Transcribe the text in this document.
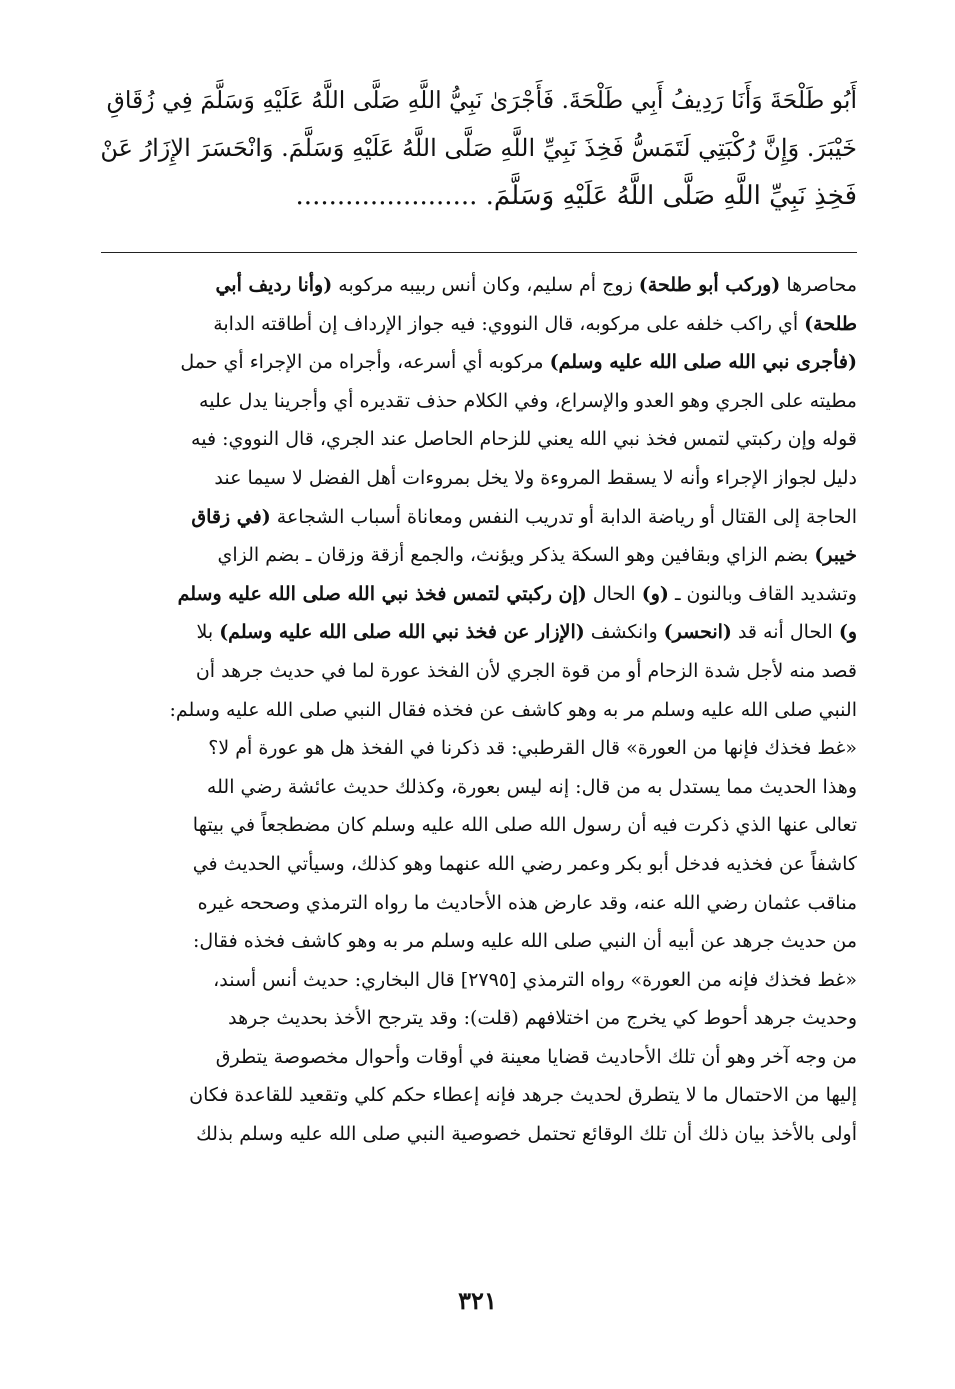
أَبُو طَلْحَةَ وَأَنَا رَدِيفُ أَبِي طَلْحَةَ. فَأَجْرَىٰ نَبِيُّ اللَّهِ صَلَّى اللَّهُ عَلَيْهِ وَسَلَّمَ فِي زُقَاقِ
خَيْبَرَ. وَإِنَّ رُكْبَتِي لَتَمَسُّ فَخِذَ نَبِيِّ اللَّهِ صَلَّى اللَّهُ عَلَيْهِ وَسَلَّمَ. وَانْحَسَرَ الإِزَارُ عَنْ
فَخِذِ نَبِيِّ اللَّهِ صَلَّى اللَّهُ عَلَيْهِ وَسَلَّمَ. ......................
محاصرها (وركب أبو طلحة) زوج أم سليم، وكان أنس ربيبه مركوبه (وأنا رديف أبي
طلحة) أي راكب خلفه على مركوبه، قال النووي: فيه جواز الإرداف إن أطاقته الدابة
(فأجرى نبي الله صلى الله عليه وسلم) مركوبه أي أسرعه، وأجراه من الإجراء أي حمل
مطيته على الجري وهو العدو والإسراع، وفي الكلام حذف تقديره أي وأجرينا يدل عليه
قوله وإن ركبتي لتمس فخذ نبي الله يعني للزحام الحاصل عند الجري، قال النووي: فيه
دليل لجواز الإجراء وأنه لا يسقط المروءة ولا يخل بمروءات أهل الفضل لا سيما عند
الحاجة إلى القتال أو رياضة الدابة أو تدريب النفس ومعاناة أسباب الشجاعة (في زقاق
خيبر) بضم الزاي وبقافين وهو السكة يذكر ويؤنث، والجمع أزقة وزقان ـ بضم الزاي
وتشديد القاف وبالنون ـ (و) الحال (إن ركبتي لتمس فخذ نبي الله صلى الله عليه وسلم
و) الحال أنه قد (انحسر) وانكشف (الإزار عن فخذ نبي الله صلى الله عليه وسلم) بلا
قصد منه لأجل شدة الزحام أو من قوة الجري لأن الفخذ عورة لما في حديث جرهد أن
النبي صلى الله عليه وسلم مر به وهو كاشف عن فخذه فقال النبي صلى الله عليه وسلم:
«غط فخذك فإنها من العورة» قال القرطبي: قد ذكرنا في الفخذ هل هو عورة أم لا؟
وهذا الحديث مما يستدل به من قال: إنه ليس بعورة، وكذلك حديث عائشة رضي الله
تعالى عنها الذي ذكرت فيه أن رسول الله صلى الله عليه وسلم كان مضطجعاً في بيتها
كاشفاً عن فخذيه فدخل أبو بكر وعمر رضي الله عنهما وهو كذلك، وسيأتي الحديث في
مناقب عثمان رضي الله عنه، وقد عارض هذه الأحاديث ما رواه الترمذي وصححه غيره
من حديث جرهد عن أبيه أن النبي صلى الله عليه وسلم مر به وهو كاشف فخذه فقال:
«غط فخذك فإنه من العورة» رواه الترمذي [٢٧٩٥] قال البخاري: حديث أنس أسند،
وحديث جرهد أحوط كي يخرج من اختلافهم (قلت): وقد يترجح الأخذ بحديث جرهد
من وجه آخر وهو أن تلك الأحاديث قضايا معينة في أوقات وأحوال مخصوصة يتطرق
إليها من الاحتمال ما لا يتطرق لحديث جرهد فإنه إعطاء حكم كلي وتقعيد للقاعدة فكان
أولى بالأخذ بيان ذلك أن تلك الوقائع تحتمل خصوصية النبي صلى الله عليه وسلم بذلك
٣٢١
